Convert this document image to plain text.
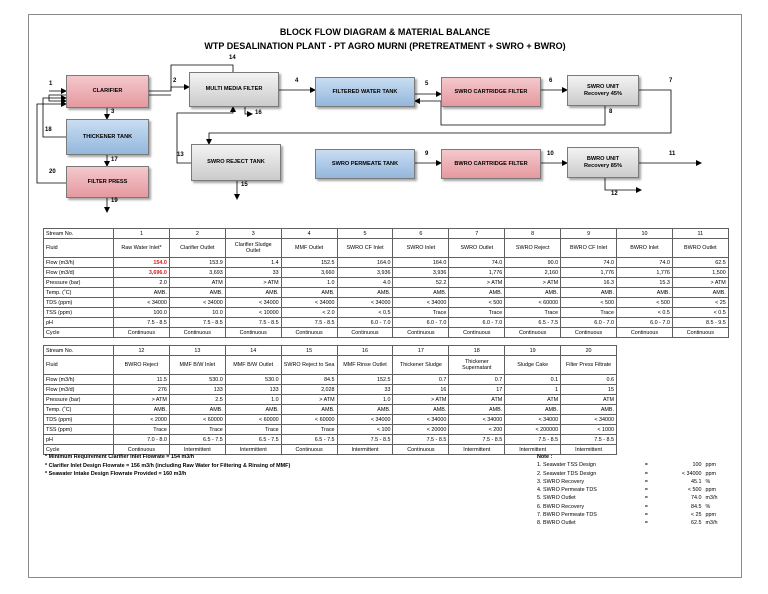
BLOCK FLOW DIAGRAM & MATERIAL BALANCE
WTP DESALINATION PLANT - PT AGRO MURNI (PRETREATMENT + SWRO + BWRO)
CLARIFIER
THICKENER TANK
FILTER PRESS
MULTI MEDIA FILTER	FILTERED WATER TANK	SWRO CARTRIDGE FILTER
SWRO UNIT
Recovery 45%
SWRO REJECT TANK	SWRO PERMEATE TANK	BWRO CARTRIDGE FILTER
BWRO UNIT
Recovery 85%
1	2
3
4	5	6	7
8
9	10	11
12
13
14
15
16
17
18
20
19
Stream No.	1	2	3	4	5	6	7	8	9	10	11
Fluid	Raw Water Inlet*	Clarifier Outlet	Clarifier Sludge Outlet	MMF Outlet	SWRO CF Inlet	SWRO Inlet	SWRO Outlet	SWRO Reject	BWRO CF Inlet	BWRO Inlet	BWRO Outlet
Flow (m3/h)	154.0	153.9	1.4	152.5	164.0	164.0	74.0	90.0	74.0	74.0	62.5
Flow (m3/d)	3,696.0	3,693	33	3,660	3,936	3,936	1,776	2,160	1,776	1,776	1,500
Pressure (bar)	2.0	ATM	> ATM	1.0	4.0	52.2	> ATM	> ATM	16.3	15.3	> ATM
Temp. (˚C)	AMB.	AMB.	AMB.	AMB.	AMB.	AMB.	AMB.	AMB.	AMB.	AMB.	AMB.
TDS (ppm)	< 34000	< 34000	< 34000	< 34000	< 34000	< 34000	< 500	< 60000	< 500	< 500	< 25
TSS (ppm)	100.0	10.0	< 10000	< 2.0	< 0.5	Trace	Trace	Trace	Trace	< 0.5	< 0.5
pH	7.5 - 8.5	7.5 - 8.5	7.5 - 8.5	7.5 - 8.5	6.0 - 7.0	6.0 - 7.0	6.0 - 7.0	6.5 - 7.5	6.0 - 7.0	6.0 - 7.0	8.5 - 9.5
Cycle	Continuous	Continuous	Continuous	Continuous	Continuous	Continuous	Continuous	Continuous	Continuous	Continuous	Continuous
Stream No.	12	13	14	15	16	17	18	19	20
Fluid	BWRO Reject	MMF B/W Inlet	MMF B/W Outlet	SWRO Reject to Sea	MMF Rinse Outlet	Thickener Sludge	Thickener Supernatant	Sludge Cake	Filter Press Filtrate
Flow (m3/h)	11.5	530.0	530.0	84.5	152.5	0.7	0.7	0.1	0.6
Flow (m3/d)	276	133	133	2,028	33	16	17	1	15
Pressure (bar)	> ATM	2.5	1.0	> ATM	1.0	> ATM	ATM	ATM	ATM
Temp. (˚C)	AMB.	AMB.	AMB.	AMB.	AMB.	AMB.	AMB.	AMB.	AMB.
TDS (ppm)	< 2000	< 60000	< 60000	< 60000	< 34000	< 34000	< 34000	< 34000	< 34000
TSS (ppm)	Trace	Trace	Trace	Trace	< 100	< 20000	< 200	< 200000	< 1000
pH	7.0 - 8.0	6.5 - 7.5	6.5 - 7.5	6.5 - 7.5	7.5 - 8.5	7.5 - 8.5	7.5 - 8.5	7.5 - 8.5	7.5 - 8.5
Cycle	Continuous	Intermittent	Intermittent	Continuous	Intermittent	Continuous	Intermittent	Intermittent	Intermittent
* Minimum Requirement Clarifier Inlet Flowrate = 154 m3/h
* Clarifier Inlet Design Flowrate = 156 m3/h (including Raw Water for Filtering & Rinsing of MMF)
* Seawater Intake Design Flowrate Provided = 160 m3/h
Note :
1. Seawater TSS Design	=	100 ppm
2. Seawater TDS Design	=	< 34000 ppm
3. SWRO Recovery	=	45.1 %
4. SWRO Permeate TDS	=	< 500 ppm
5. SWRO Outlet	=	74.0 m3/h
6. BWRO Recovery	=	84.5 %
7. BWRO Permeate TDS	=	< 25 ppm
8. BWRO Outlet	=	62.5 m3/h
